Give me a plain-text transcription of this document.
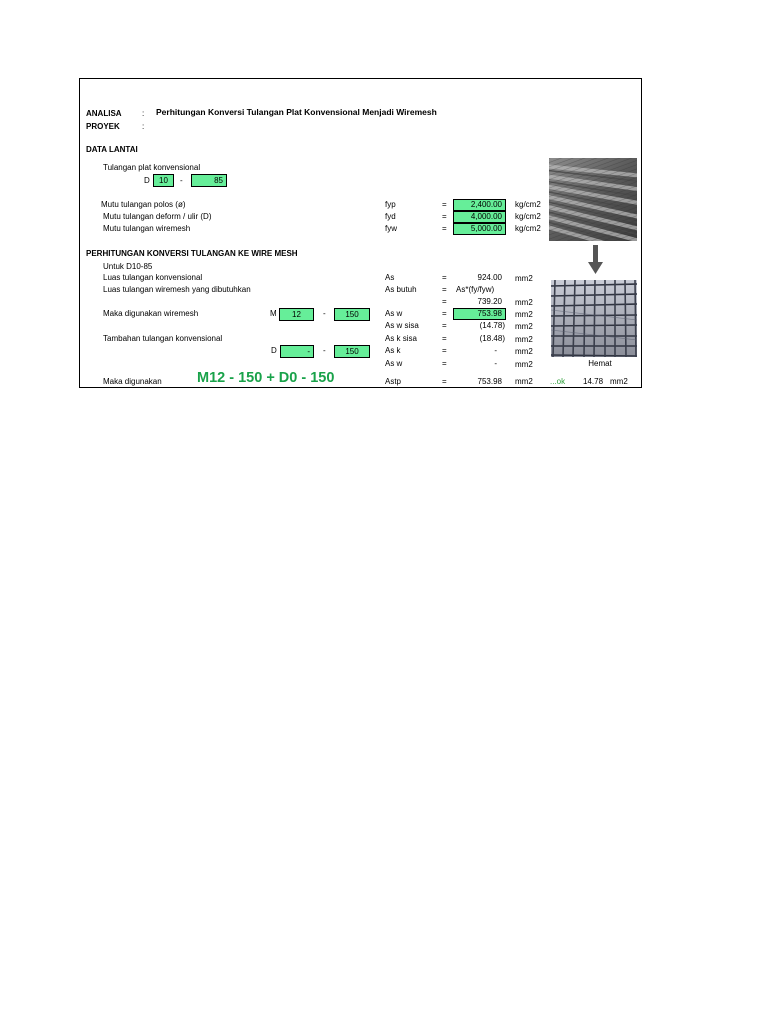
ANALISA	: Perhitungan Konversi Tulangan Plat Konvensional Menjadi Wiremesh
PROYEK	:
DATA LANTAI
Tulangan plat konvensional
D	10	-	85
Mutu tulangan polos (ø)	fyp	=	2,400.00	kg/cm2
Mutu tulangan deform / ulir (D)	fyd	=	4,000.00	kg/cm2
Mutu tulangan wiremesh	fyw	=	5,000.00	kg/cm2
PERHITUNGAN KONVERSI TULANGAN KE WIRE MESH
Untuk D10-85
Luas tulangan konvensional	As	=	924.00 mm2
Luas tulangan wiremesh yang dibutuhkan	As butuh	= As*(fy/fyw)
=	739.20 mm2
Maka digunakan wiremesh	M	12	-	150	As w	=	753.98	mm2
As w sisa	=	(14.78) mm2
Tambahan tulangan konvensional	As k sisa	=	(18.48) mm2
D	-	-	150	As k	=	- mm2
As w	=	- mm2	Hemat
Maka digunakan M12 - 150 + D0 - 150	Astp	=	753.98 mm2 ...ok 14.78 mm2
